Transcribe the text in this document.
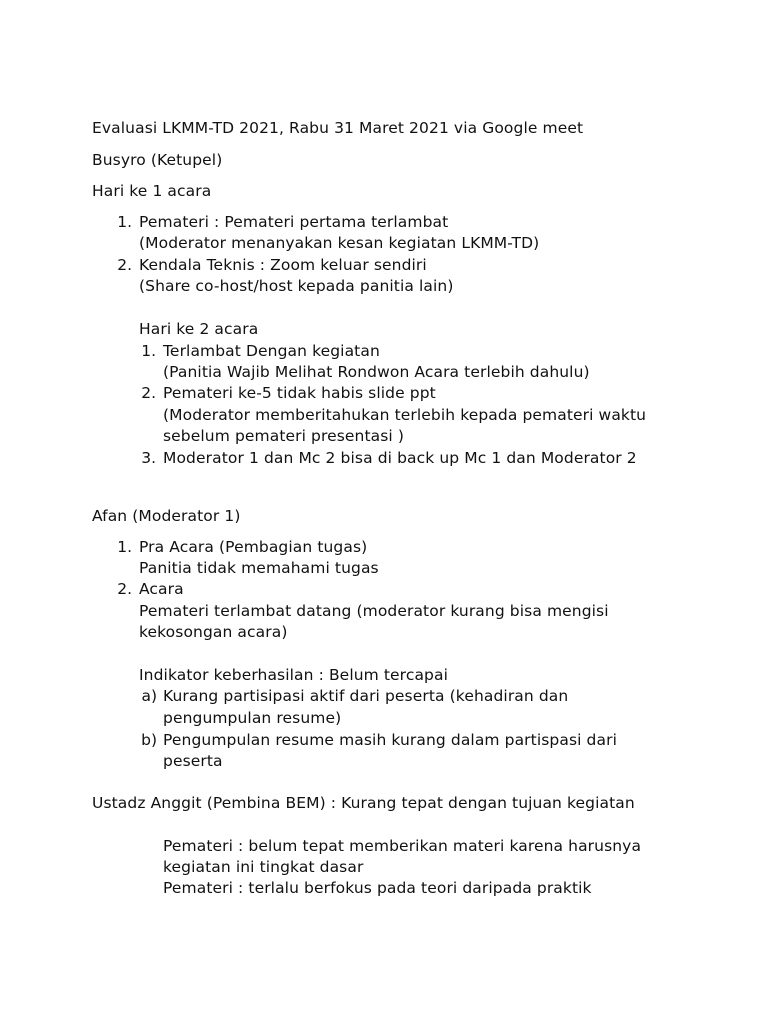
Evaluasi LKMM-TD 2021, Rabu 31 Maret 2021 via Google meet
Busyro (Ketupel)
Hari ke 1 acara
1. Pemateri : Pemateri pertama terlambat
(Moderator menanyakan kesan kegiatan LKMM-TD)
2. Kendala Teknis : Zoom keluar sendiri
(Share co-host/host kepada panitia lain)
Hari ke 2 acara
1. Terlambat Dengan kegiatan
(Panitia Wajib Melihat Rondwon Acara terlebih dahulu)
2. Pemateri ke-5 tidak habis slide ppt
(Moderator memberitahukan terlebih kepada pemateri waktu
sebelum pemateri presentasi )
3. Moderator 1 dan Mc 2 bisa di back up Mc 1 dan Moderator 2
Afan (Moderator 1)
1. Pra Acara (Pembagian tugas)
Panitia tidak memahami tugas
2. Acara
Pemateri terlambat datang (moderator kurang bisa mengisi
kekosongan acara)
Indikator keberhasilan : Belum tercapai
a) Kurang partisipasi aktif dari peserta (kehadiran dan
pengumpulan resume)
b) Pengumpulan resume masih kurang dalam partispasi dari
peserta
Ustadz Anggit (Pembina BEM) : Kurang tepat dengan tujuan kegiatan
Pemateri : belum tepat memberikan materi karena harusnya
kegiatan ini tingkat dasar
Pemateri : terlalu berfokus pada teori daripada praktik
